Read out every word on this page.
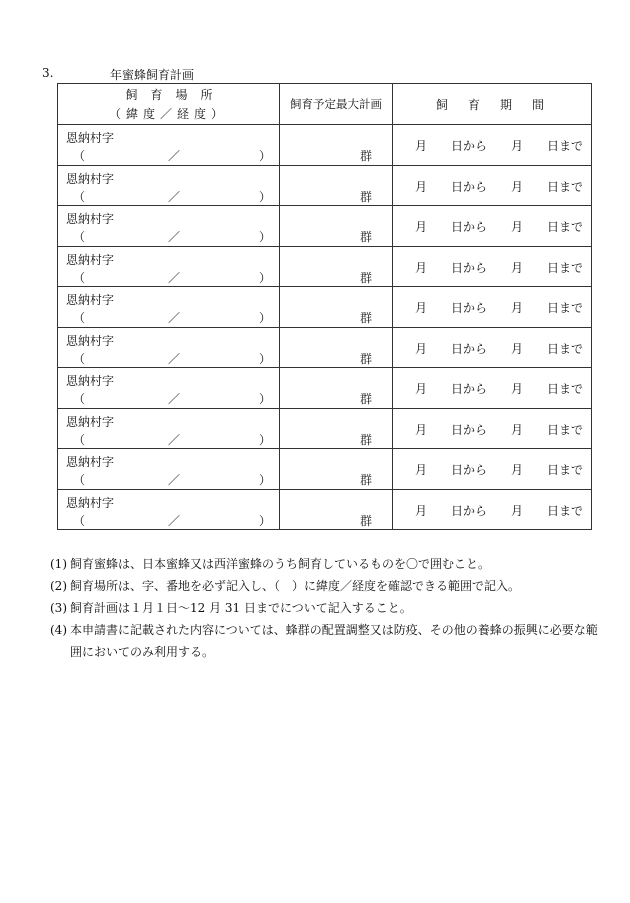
3.	年蜜蜂飼育計画
飼育場所
（緯度／経度）	飼育予定最大計画	飼育期間

恩納村字
（ ／ ）	群	月 日から 月 日まで

恩納村字
（ ／ ）	群	月 日から 月 日まで

恩納村字
（ ／ ）	群	月 日から 月 日まで

恩納村字
（ ／ ）	群	月 日から 月 日まで

恩納村字
（ ／ ）	群	月 日から 月 日まで

恩納村字
（ ／ ）	群	月 日から 月 日まで

恩納村字
（ ／ ）	群	月 日から 月 日まで

恩納村字
（ ／ ）	群	月 日から 月 日まで

恩納村字
（ ／ ）	群	月 日から 月 日まで

恩納村字
（ ／ ）	群	月 日から 月 日まで
(1) 飼育蜜蜂は、日本蜜蜂又は西洋蜜蜂のうち飼育しているものを〇で囲むこと。
(2) 飼育場所は、字、番地を必ず記入し、（　）に緯度／経度を確認できる範囲で記入。
(3) 飼育計画は１月１日〜12 月 31 日までについて記入すること。
(4) 本申請書に記載された内容については、蜂群の配置調整又は防疫、その他の養蜂の振興に必要な範囲においてのみ利用する。
